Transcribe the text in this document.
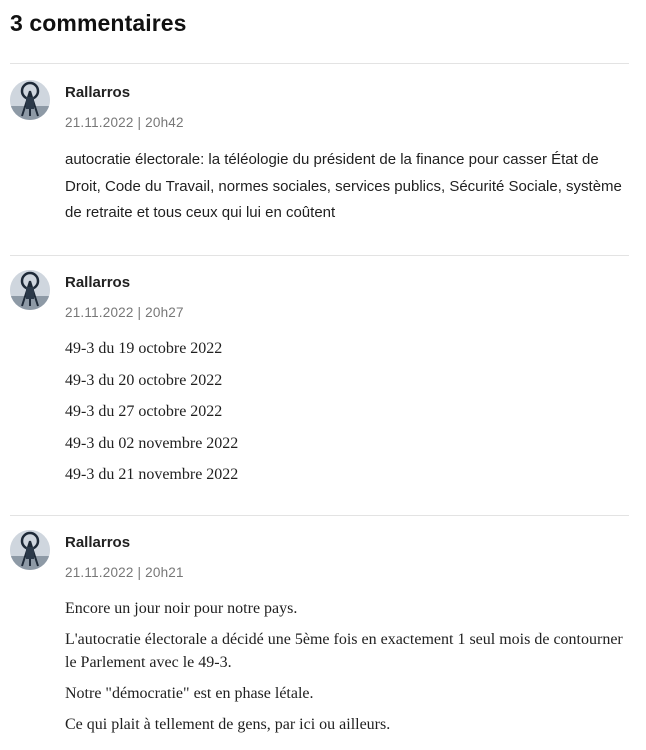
3 commentaires
Rallarros
21.11.2022 | 20h42
autocratie électorale: la téléologie du président de la finance pour casser État de Droit, Code du Travail, normes sociales, services publics, Sécurité Sociale, système de retraite et tous ceux qui lui en coûtent
Rallarros
21.11.2022 | 20h27

49-3 du 19 octobre 2022

49-3 du 20 octobre 2022

49-3 du 27 octobre 2022

49-3 du 02 novembre 2022

49-3 du 21 novembre 2022

Rallarros
21.11.2022 | 20h21

Encore un jour noir pour notre pays.

L'autocratie électorale a décidé une 5ème fois en exactement 1 seul mois de contourner le Parlement avec le 49-3.

Notre "démocratie" est en phase létale.

Ce qui plait à tellement de gens, par ici ou ailleurs.
